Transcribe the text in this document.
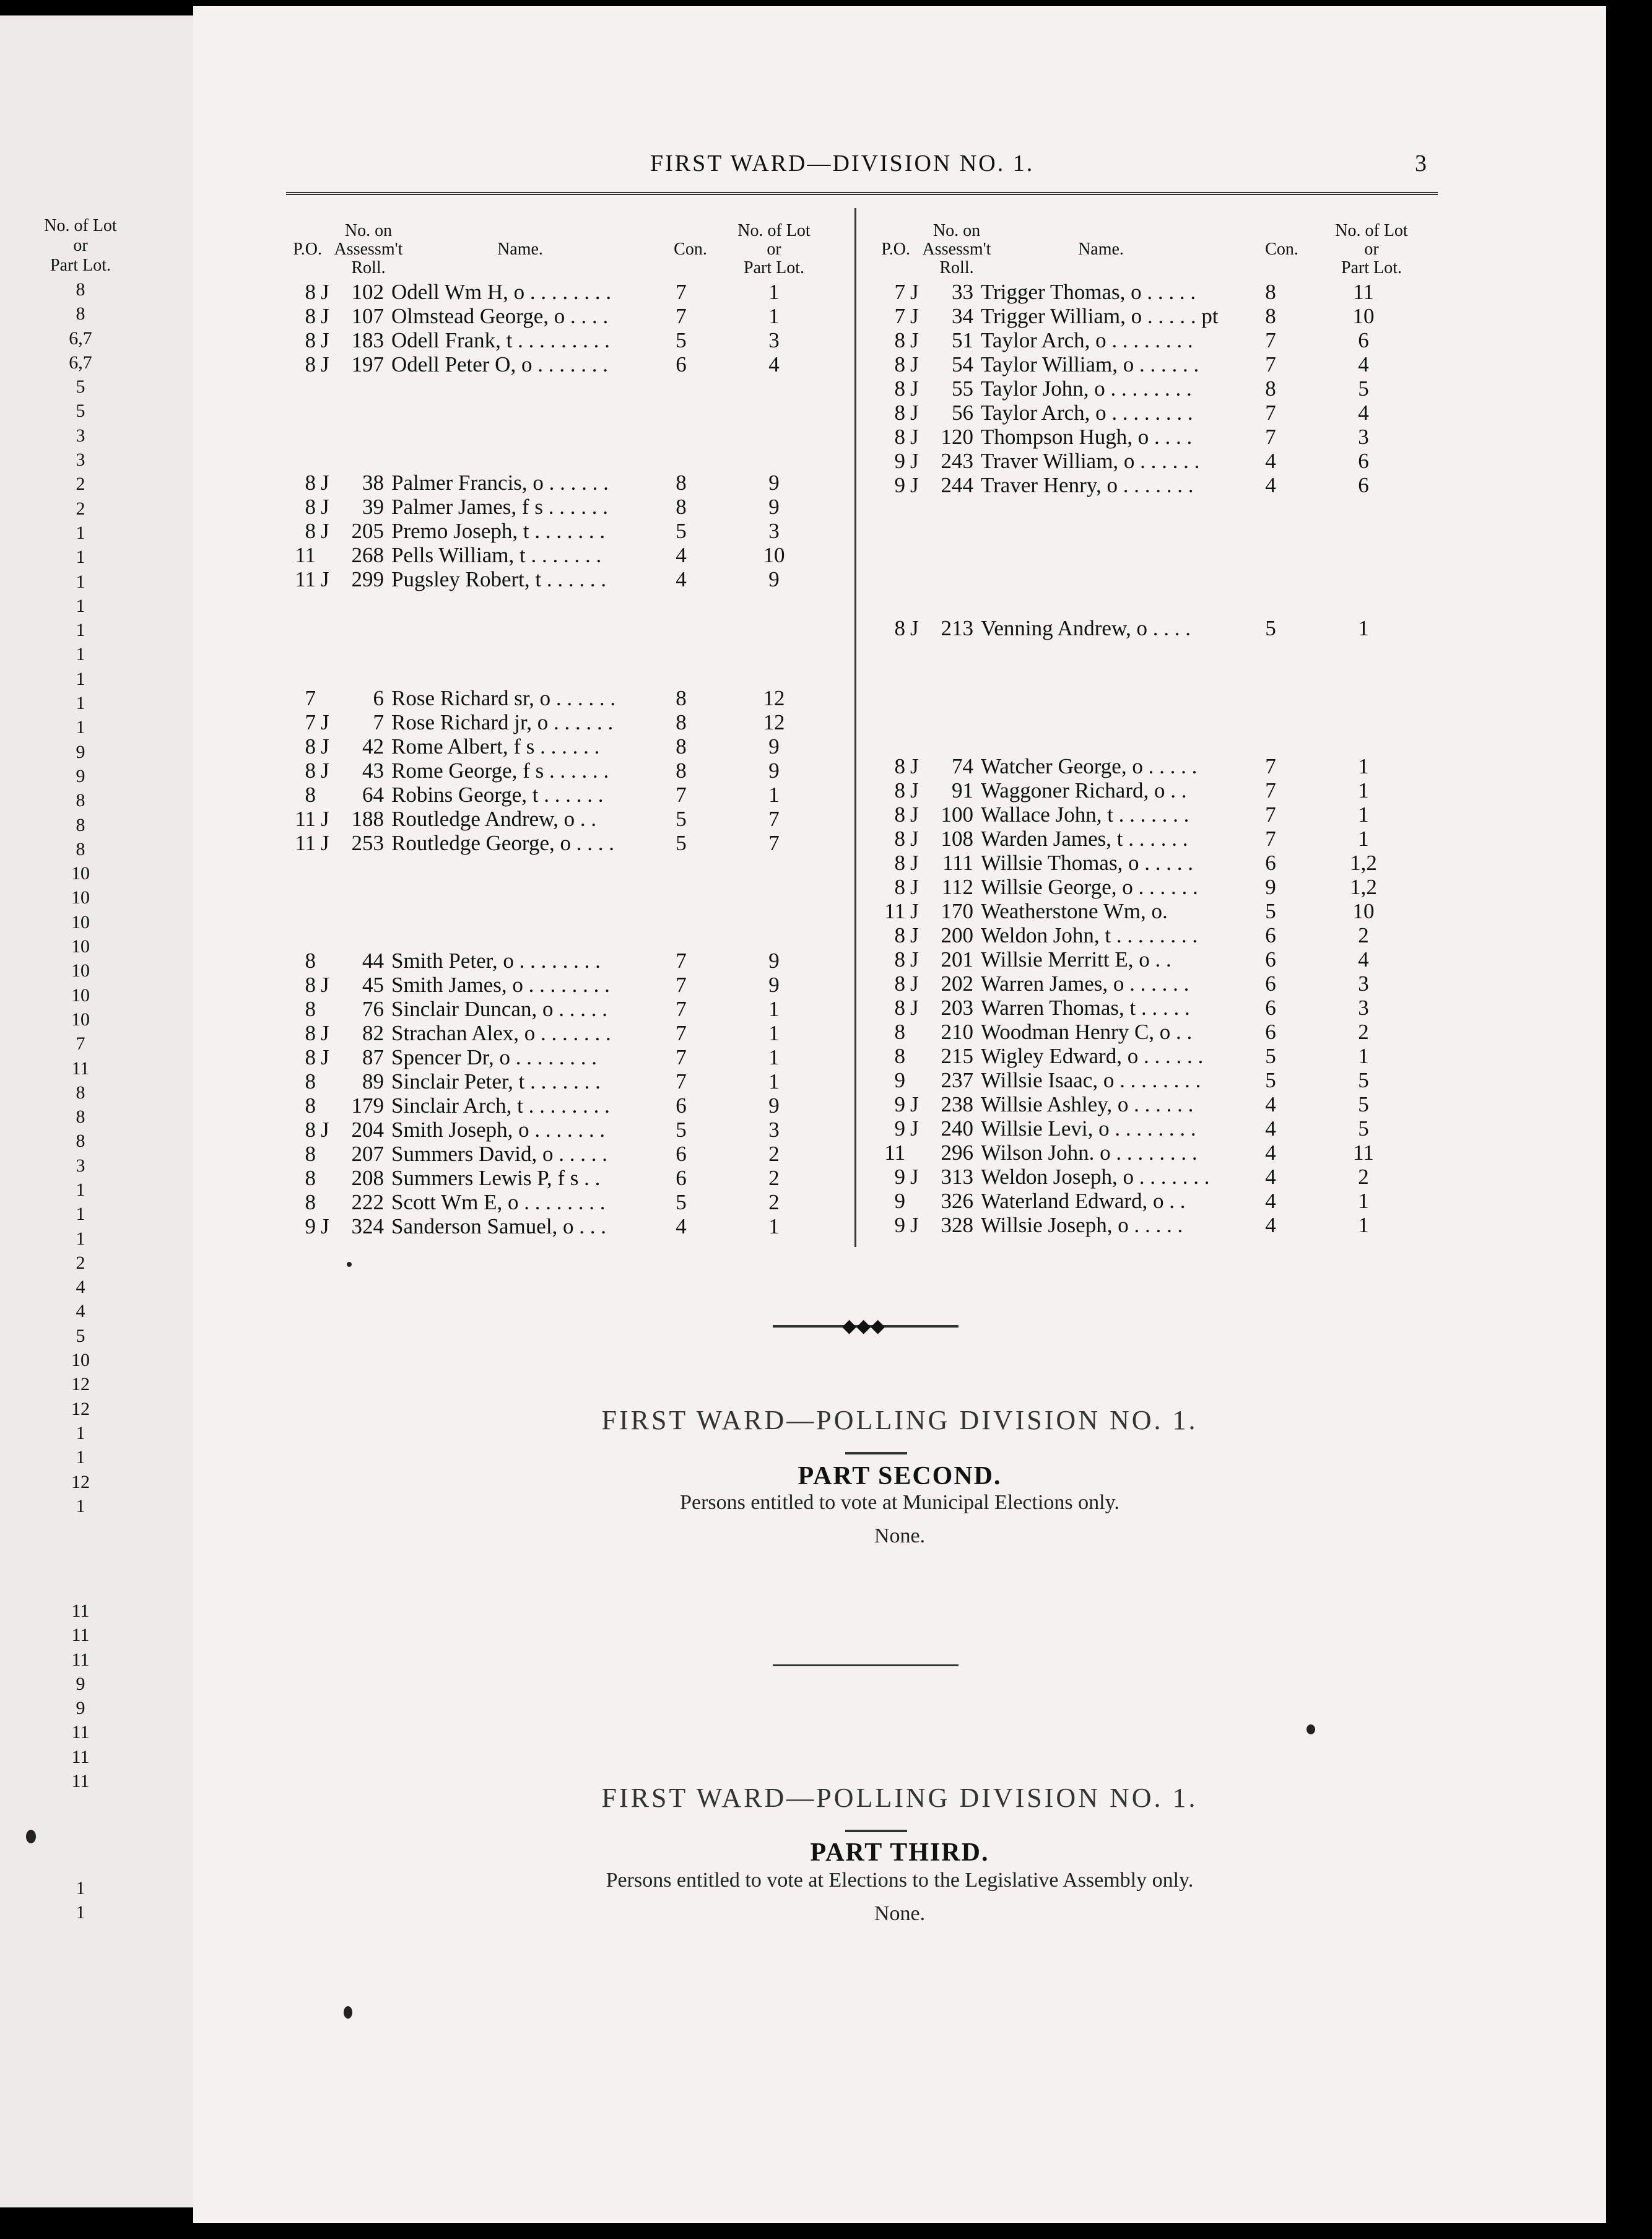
No. of Lot
or
Part Lot.
8
8
6,7
6,7
5
5
3
3
2
2
1
1
1
1
1
1
1
1
1
9
9
8
8
8
10
10
10
10
10
10
10
7
11
8
8
8
3
1
1
1
2
4
4
5
10
12
12
1
1
12
1
11
11
11
9
9
11
11
11
1
1
FIRST WARD—DIVISION NO. 1.	3

P.O.
No. on
Assessm't
Roll.
Name.	Con.
No. of Lot
or
Part Lot.

P.O.
No. on
Assessm't
Roll.
Name.	Con.
No. of Lot
or
Part Lot.
8 J	102 Odell Wm H, o . . . . . . . .	7	1
8 J	107 Olmstead George, o . . . .	7	1
8 J	183 Odell Frank, t . . . . . . . . .	5	3
8 J	197 Odell Peter O, o . . . . . . .	6	4
8 J	38 Palmer Francis, o . . . . . .	8	9
8 J	39 Palmer James, f s . . . . . .	8	9
8 J	205 Premo Joseph, t . . . . . . .	5	3
11	268 Pells William, t . . . . . . .	4	10
11 J	299 Pugsley Robert, t . . . . . .	4	9
7	6 Rose Richard sr, o . . . . . .	8	12
7 J	7 Rose Richard jr, o . . . . . .	8	12
8 J	42 Rome Albert, f s . . . . . .	8	9
8 J	43 Rome George, f s . . . . . .	8	9
8	64 Robins George, t . . . . . .	7	1
11 J	188 Routledge Andrew, o . .	5	7
11 J	253 Routledge George, o . . . .	5	7
8	44 Smith Peter, o . . . . . . . .	7	9
8 J	45 Smith James, o . . . . . . . .	7	9
8	76 Sinclair Duncan, o . . . . .	7	1
8 J	82 Strachan Alex, o . . . . . . .	7	1
8 J	87 Spencer Dr, o . . . . . . . .	7	1
8	89 Sinclair Peter, t . . . . . . .	7	1
8	179 Sinclair Arch, t . . . . . . . .	6	9
8 J	204 Smith Joseph, o . . . . . . .	5	3
8	207 Summers David, o . . . . .	6	2
8	208 Summers Lewis P, f s . .	6	2
8	222 Scott Wm E, o . . . . . . . .	5	2
9 J	324 Sanderson Samuel, o . . .	4	1
7 J	33 Trigger Thomas, o . . . . .	8	11
7 J	34 Trigger William, o . . . . . pt	8	10
8 J	51 Taylor Arch, o . . . . . . . .	7	6
8 J	54 Taylor William, o . . . . . .	7	4
8 J	55 Taylor John, o . . . . . . . .	8	5
8 J	56 Taylor Arch, o . . . . . . . .	7	4
8 J	120 Thompson Hugh, o . . . .	7	3
9 J	243 Traver William, o . . . . . .	4	6
9 J	244 Traver Henry, o . . . . . . .	4	6
8 J	213 Venning Andrew, o . . . .	5	1
8 J	74 Watcher George, o . . . . .	7	1
8 J	91 Waggoner Richard, o . .	7	1
8 J	100 Wallace John, t . . . . . . .	7	1
8 J	108 Warden James, t . . . . . .	7	1
8 J	111 Willsie Thomas, o . . . . .	6	1,2
8 J	112 Willsie George, o . . . . . .	9	1,2
11 J	170 Weatherstone Wm, o.	5	10
8 J	200 Weldon John, t . . . . . . . .	6	2
8 J	201 Willsie Merritt E, o . .	6	4
8 J	202 Warren James, o . . . . . .	6	3
8 J	203 Warren Thomas, t . . . . .	6	3
8	210 Woodman Henry C, o . .	6	2
8	215 Wigley Edward, o . . . . . .	5	1
9	237 Willsie Isaac, o . . . . . . . .	5	5
9 J	238 Willsie Ashley, o . . . . . .	4	5
9 J	240 Willsie Levi, o . . . . . . . .	4	5
11	296 Wilson John. o . . . . . . . .	4	11
9 J	313 Weldon Joseph, o . . . . . . .	4	2
9	326 Waterland Edward, o . .	4	1
9 J	328 Willsie Joseph, o . . . . .	4	1
◆◆◆
FIRST WARD—POLLING DIVISION NO. 1.
PART SECOND.
Persons entitled to vote at Municipal Elections only.
None.
FIRST WARD—POLLING DIVISION NO. 1.
PART THIRD.
Persons entitled to vote at Elections to the Legislative Assembly only.
None.
